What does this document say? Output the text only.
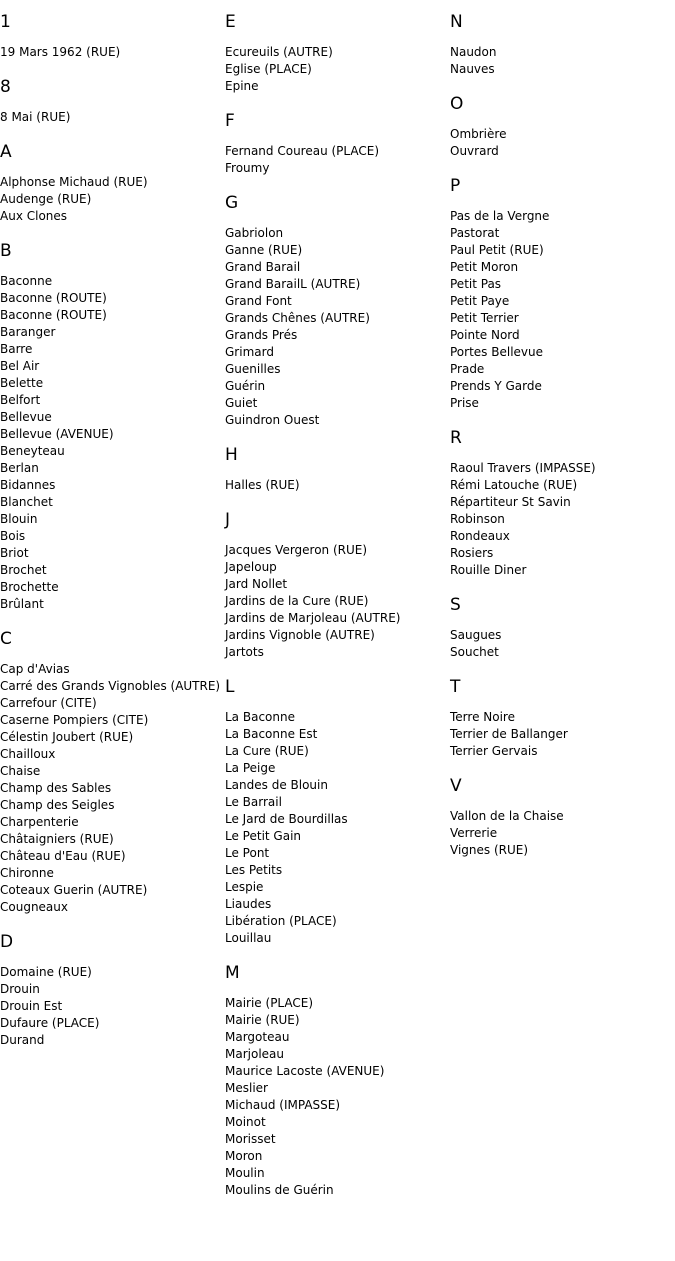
1
19 Mars 1962 (RUE)
8
8 Mai (RUE)
A
Alphonse Michaud (RUE)
Audenge (RUE)
Aux Clones
B
Baconne
Baconne (ROUTE)
Baconne (ROUTE)
Baranger
Barre
Bel Air
Belette
Belfort
Bellevue
Bellevue (AVENUE)
Beneyteau
Berlan
Bidannes
Blanchet
Blouin
Bois
Briot
Brochet
Brochette
Brûlant
C
Cap d'Avias
Carré des Grands Vignobles (AUTRE)
Carrefour (CITE)
Caserne Pompiers (CITE)
Célestin Joubert (RUE)
Chailloux
Chaise
Champ des Sables
Champ des Seigles
Charpenterie
Châtaigniers (RUE)
Château d'Eau (RUE)
Chironne
Coteaux Guerin (AUTRE)
Cougneaux
D
Domaine (RUE)
Drouin
Drouin Est
Dufaure (PLACE)
Durand
E
Ecureuils (AUTRE)
Eglise (PLACE)
Epine
F
Fernand Coureau (PLACE)
Froumy
G
Gabriolon
Ganne (RUE)
Grand Barail
Grand BarailL (AUTRE)
Grand Font
Grands Chênes (AUTRE)
Grands Prés
Grimard
Guenilles
Guérin
Guiet
Guindron Ouest
H
Halles (RUE)
J
Jacques Vergeron (RUE)
Japeloup
Jard Nollet
Jardins de la Cure (RUE)
Jardins de Marjoleau (AUTRE)
Jardins Vignoble (AUTRE)
Jartots
L
La Baconne
La Baconne Est
La Cure (RUE)
La Peige
Landes de Blouin
Le Barrail
Le Jard de Bourdillas
Le Petit Gain
Le Pont
Les Petits
Lespie
Liaudes
Libération (PLACE)
Louillau
M
Mairie (PLACE)
Mairie (RUE)
Margoteau
Marjoleau
Maurice Lacoste (AVENUE)
Meslier
Michaud (IMPASSE)
Moinot
Morisset
Moron
Moulin
Moulins de Guérin
N
Naudon
Nauves
O
Ombrière
Ouvrard
P
Pas de la Vergne
Pastorat
Paul Petit (RUE)
Petit Moron
Petit Pas
Petit Paye
Petit Terrier
Pointe Nord
Portes Bellevue
Prade
Prends Y Garde
Prise
R
Raoul Travers (IMPASSE)
Rémi Latouche (RUE)
Répartiteur St Savin
Robinson
Rondeaux
Rosiers
Rouille Diner
S
Saugues
Souchet
T
Terre Noire
Terrier de Ballanger
Terrier Gervais
V
Vallon de la Chaise
Verrerie
Vignes (RUE)
